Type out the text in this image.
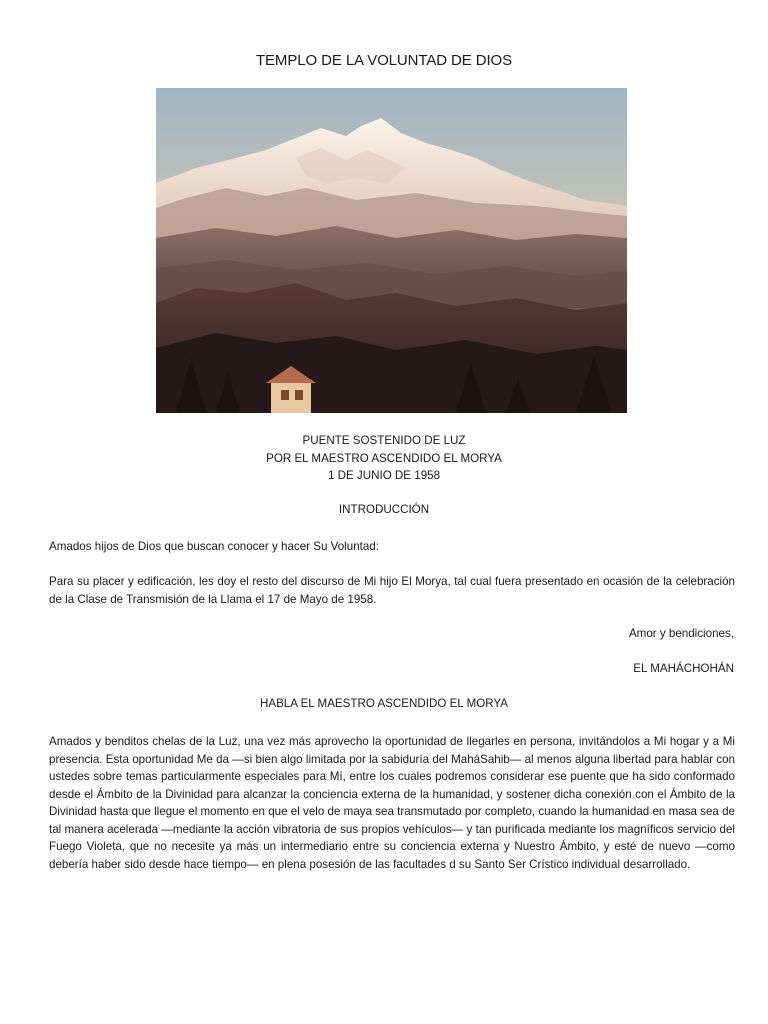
TEMPLO DE LA VOLUNTAD DE DIOS
PUENTE SOSTENIDO DE LUZ
POR EL MAESTRO ASCENDIDO EL MORYA
1 DE JUNIO DE 1958
INTRODUCCIÓN

Amados hijos de Dios que buscan conocer y hacer Su Voluntad:

Para su placer y edificación, les doy el resto del discurso de Mi hijo El Morya, tal cual fuera presentado en ocasión de la celebración de la Clase de Transmisión de la Llama el 17 de Mayo de 1958.

Amor y bendiciones,
EL MAHÁCHOHÁN
HABLA EL MAESTRO ASCENDIDO EL MORYA

Amados y benditos chelas de la Luz, una vez más aprovecho la oportunidad de llegarles en persona, invitándolos a Mi hogar y a Mi presencia. Esta oportunidad Me da —si bien algo limitada por la sabiduría del MaháSahib— al menos alguna libertad para hablar con ustedes sobre temas particularmente especiales para Mí, entre los cuales podremos considerar ese puente que ha sido conformado desde el Ámbito de la Divinidad para alcanzar la conciencia externa de la humanidad, y sostener dicha conexión con el Ámbito de la Divinidad hasta que llegue el momento en que el velo de maya sea transmutado por completo, cuando la humanidad en masa sea de tal manera acelerada —mediante la acción vibratoria de sus propios vehículos— y tan purificada mediante los magníficos servicio del Fuego Violeta, que no necesite ya más un intermediario entre su conciencia externa y Nuestro Ámbito, y esté de nuevo —como debería haber sido desde hace tiempo— en plena posesión de las facultades d su Santo Ser Crístico individual desarrollado.
